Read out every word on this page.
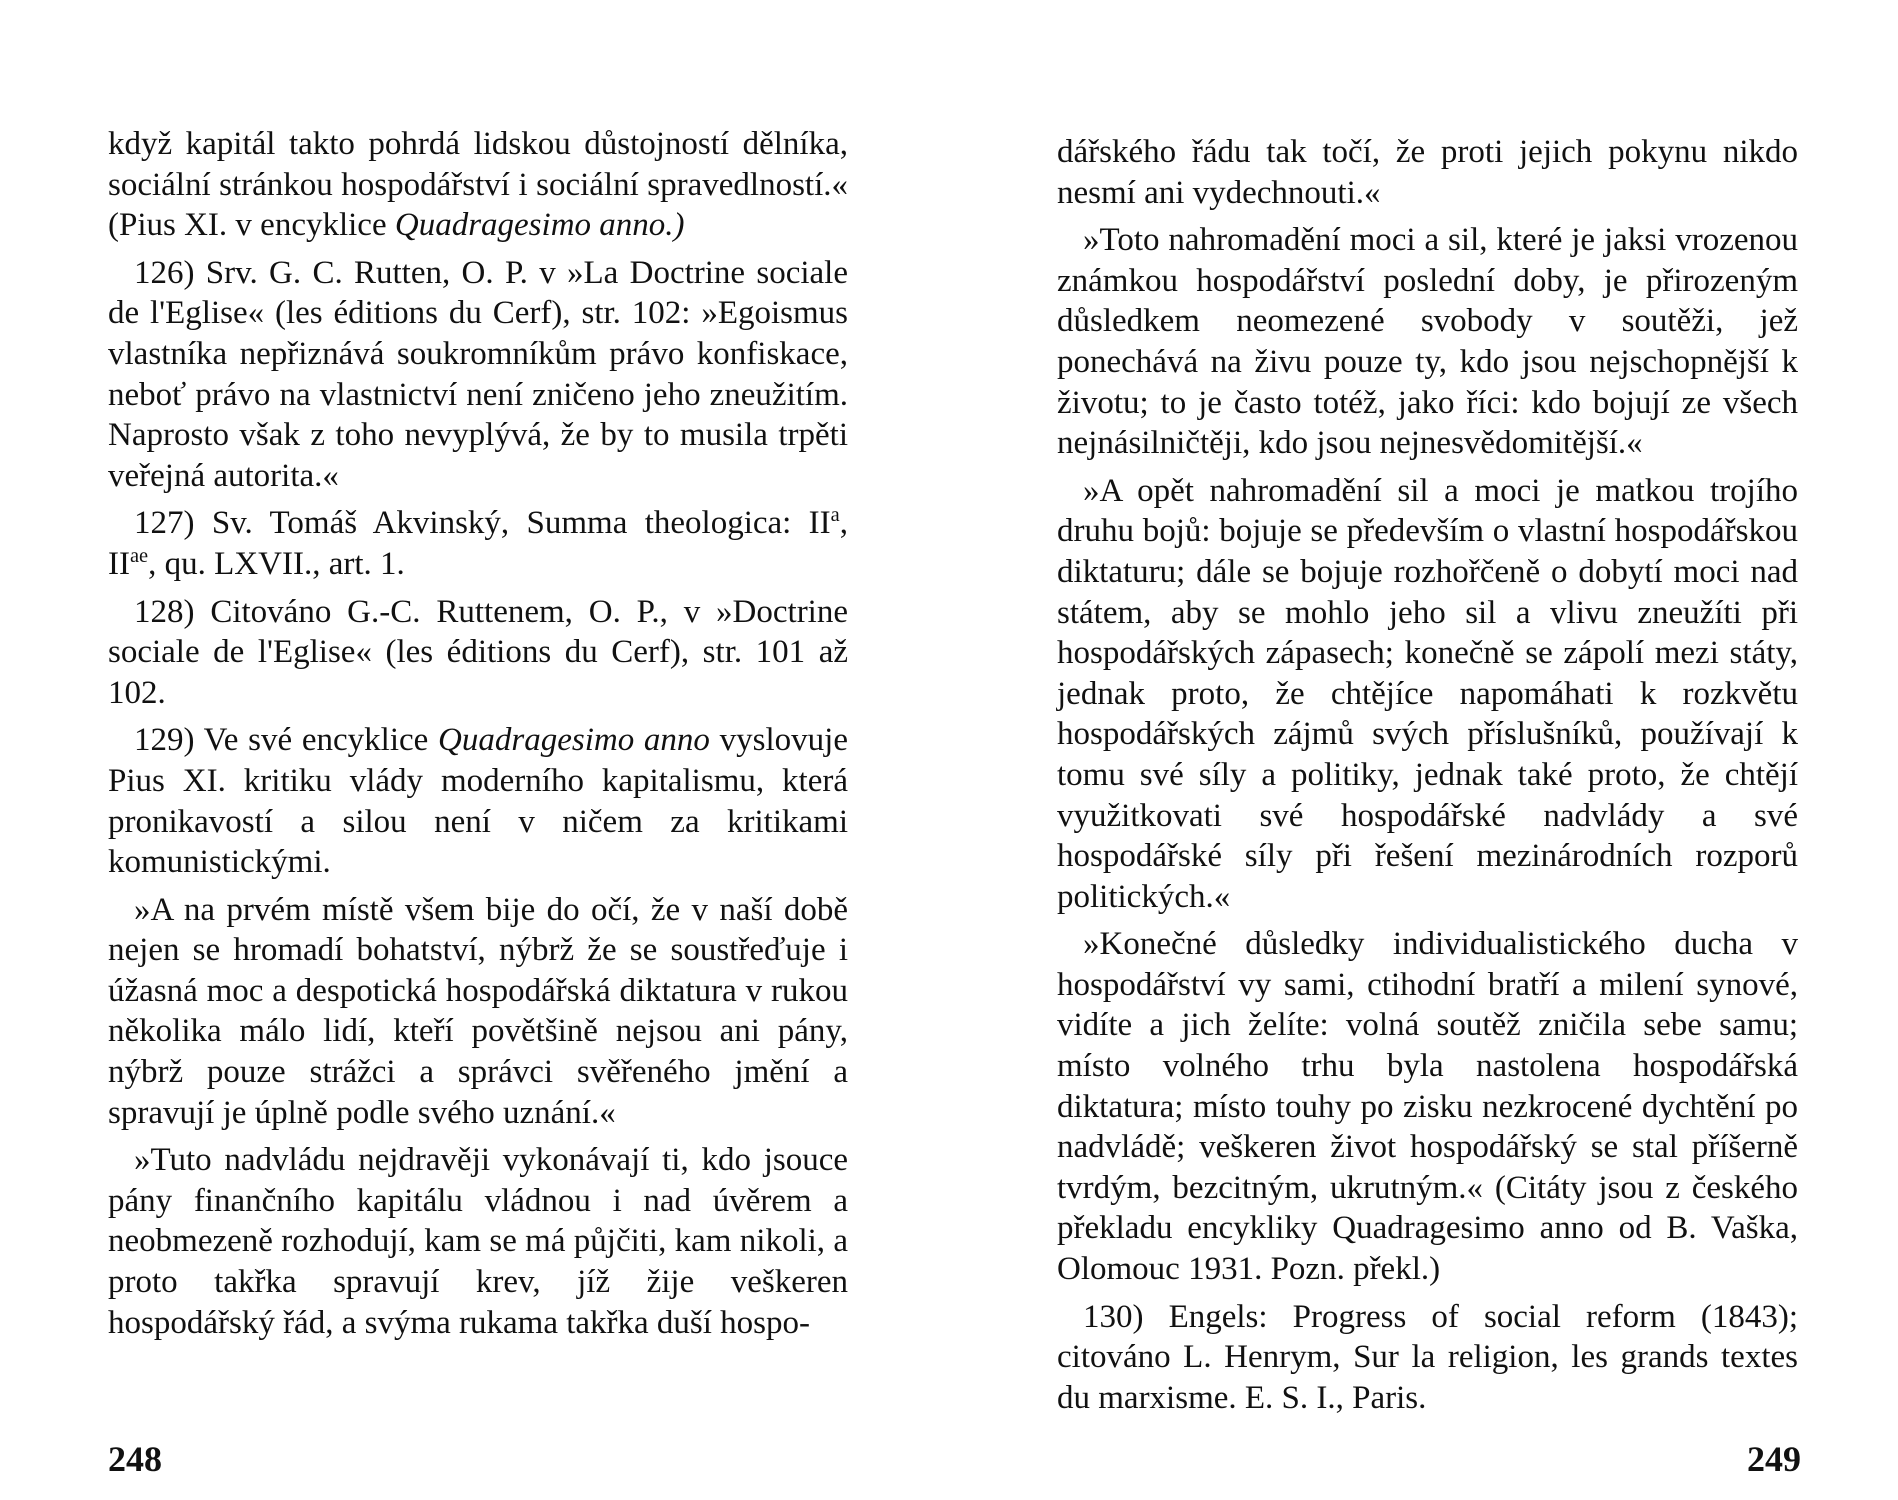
když kapitál takto pohrdá lidskou důstojností dělníka, sociální stránkou hospodářství i sociální spravedlností.« (Pius XI. v encyklice Quadragesimo anno.)

126) Srv. G. C. Rutten, O. P. v »La Doctrine sociale de l'Eglise« (les éditions du Cerf), str. 102: »Egoismus vlastníka nepřiznává soukromníkům právo konfiskace, neboť právo na vlastnictví není zničeno jeho zneužitím. Naprosto však z toho nevyplývá, že by to musila trpěti veřejná autorita.«

127) Sv. Tomáš Akvinský, Summa theologica: $II^a$, $II^{ae}$, qu. LXVII., art. 1.

128) Citováno G.-C. Ruttenem, O. P., v »Doctrine sociale de l'Eglise« (les éditions du Cerf), str. 101 až 102.

129) Ve své encyklice Quadragesimo anno vyslovuje Pius XI. kritiku vlády moderního kapitalismu, která pronikavostí a silou není v ničem za kritikami komunistickými.

»A na prvém místě všem bije do očí, že v naší době nejen se hromadí bohatství, nýbrž že se soustřeďuje i úžasná moc a despotická hospodářská diktatura v rukou několika málo lidí, kteří povětšině nejsou ani pány, nýbrž pouze strážci a správci svěřeného jmění a spravují je úplně podle svého uznání.«

»Tuto nadvládu nejdravěji vykonávají ti, kdo jsouce pány finančního kapitálu vládnou i nad úvěrem a neobmezeně rozhodují, kam se má půjčiti, kam nikoli, a proto takřka spravují krev, jíž žije veškeren hospodářský řád, a svýma rukama takřka duší hospo-

248

dářského řádu tak točí, že proti jejich pokynu nikdo nesmí ani vydechnouti.«

»Toto nahromadění moci a sil, které je jaksi vrozenou známkou hospodářství poslední doby, je přirozeným důsledkem neomezené svobody v soutěži, jež ponechává na živu pouze ty, kdo jsou nejschopnější k životu; to je často totéž, jako říci: kdo bojují ze všech nejnásilničtěji, kdo jsou nejnesvědomitější.«

»A opět nahromadění sil a moci je matkou trojího druhu bojů: bojuje se především o vlastní hospodářskou diktaturu; dále se bojuje rozhořčeně o dobytí moci nad státem, aby se mohlo jeho sil a vlivu zneužíti při hospodářských zápasech; konečně se zápolí mezi státy, jednak proto, že chtějíce napomáhati k rozkvětu hospodářských zájmů svých příslušníků, používají k tomu své síly a politiky, jednak také proto, že chtějí využitkovati své hospodářské nadvlády a své hospodářské síly při řešení mezinárodních rozporů politických.«

»Konečné důsledky individualistického ducha v hospodářství vy sami, ctihodní bratří a milení synové, vidíte a jich želíte: volná soutěž zničila sebe samu; místo volného trhu byla nastolena hospodářská diktatura; místo touhy po zisku nezkrocené dychtění po nadvládě; veškeren život hospodářský se stal příšerně tvrdým, bezcitným, ukrutným.« (Citáty jsou z českého překladu encykliky Quadragesimo anno od B. Vaška, Olomouc 1931. Pozn. překl.)

130) Engels: Progress of social reform (1843); citováno L. Henrym, Sur la religion, les grands textes du marxisme. E. S. I., Paris.

249
